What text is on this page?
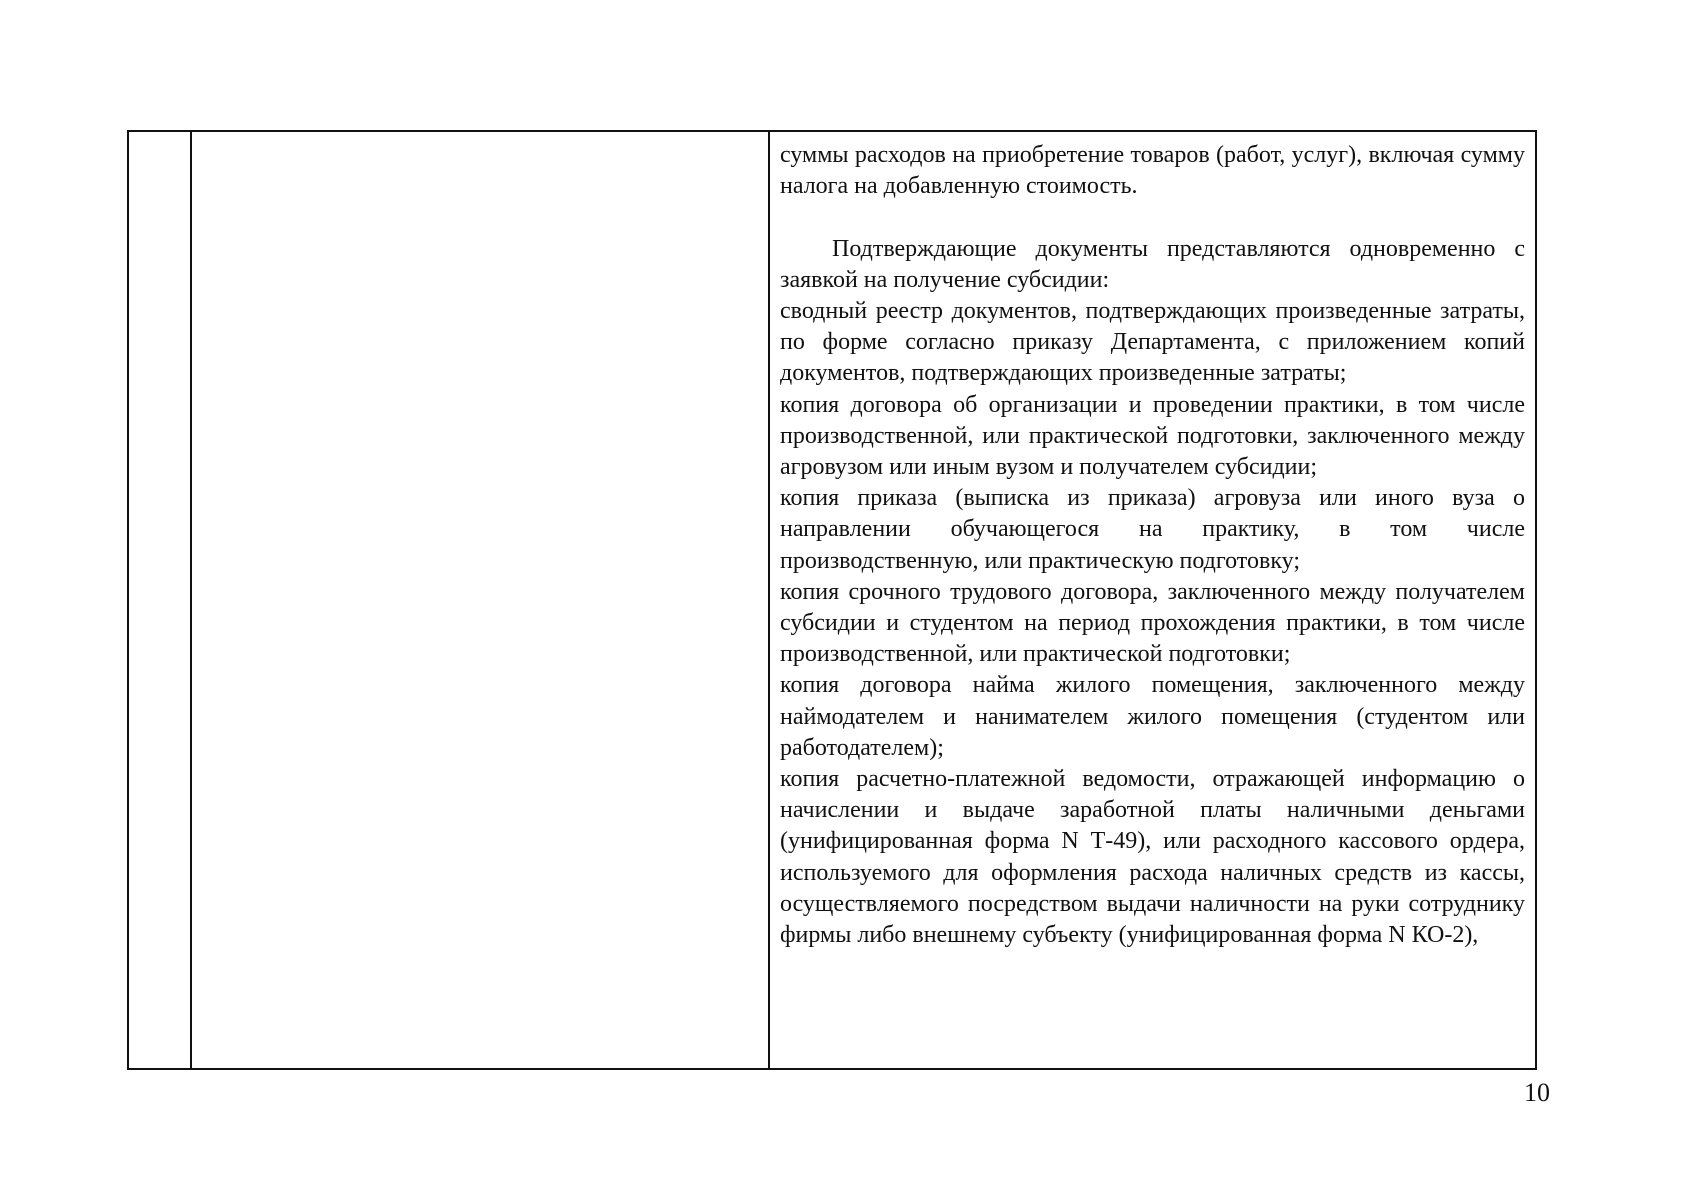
суммы расходов на приобретение товаров (работ, услуг), включая сумму налога на добавленную стоимость.

Подтверждающие документы представляются одновременно с заявкой на получение субсидии:

сводный реестр документов, подтверждающих произведенные затраты, по форме согласно приказу Департамента, с приложением копий документов, подтверждающих произведенные затраты;

копия договора об организации и проведении практики, в том числе производственной, или практической подготовки, заключенного между агровузом или иным вузом и получателем субсидии;

копия приказа (выписка из приказа) агровуза или иного вуза о направлении обучающегося на практику, в том числе производственную, или практическую подготовку;

копия срочного трудового договора, заключенного между получателем субсидии и студентом на период прохождения практики, в том числе производственной, или практической подготовки;

копия договора найма жилого помещения, заключенного между наймодателем и нанимателем жилого помещения (студентом или работодателем);

копия расчетно-платежной ведомости, отражающей информацию о начислении и выдаче заработной платы наличными деньгами (унифицированная форма N Т-49), или расходного кассового ордера, используемого для оформления расхода наличных средств из кассы, осуществляемого посредством выдачи наличности на руки сотруднику фирмы либо внешнему субъекту (унифицированная форма N КО-2),

10
